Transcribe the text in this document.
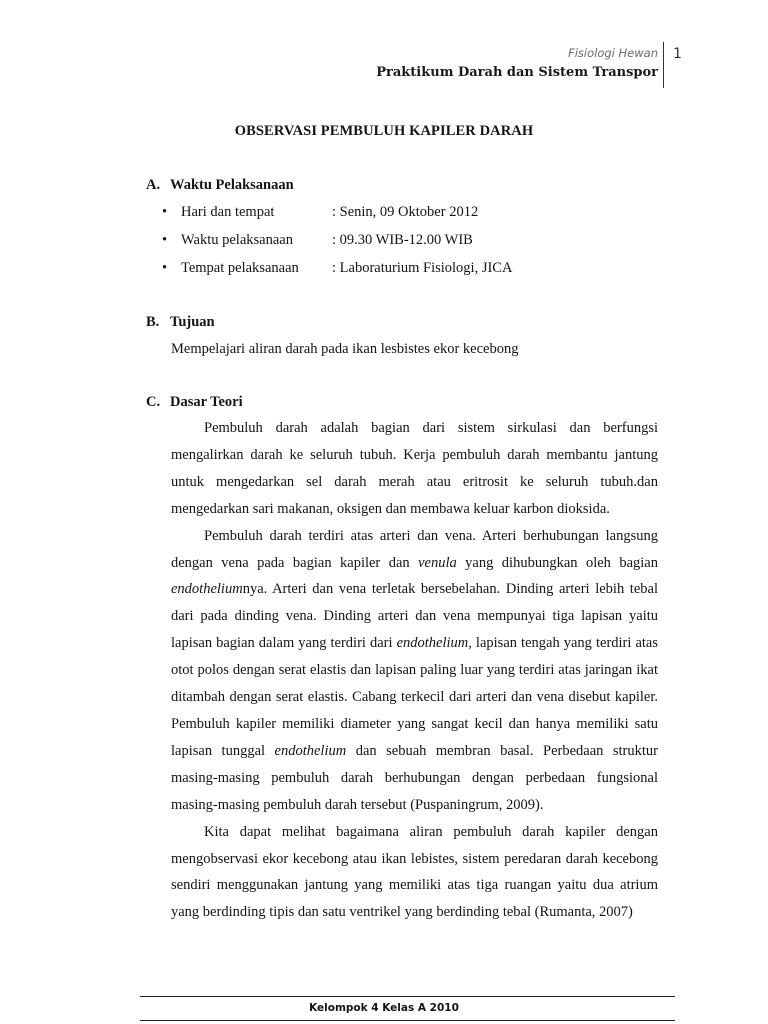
Fisiologi Hewan
Praktikum Darah dan Sistem Transpor
1
OBSERVASI PEMBULUH KAPILER DARAH
A. Waktu Pelaksanaan
• Hari dan tempat	: Senin, 09 Oktober 2012
• Waktu pelaksanaan	: 09.30 WIB-12.00 WIB
• Tempat pelaksanaan : Laboraturium Fisiologi, JICA
B. Tujuan
Mempelajari aliran darah pada ikan lesbistes ekor kecebong
C. Dasar Teori

Pembuluh darah adalah bagian dari sistem sirkulasi dan berfungsi mengalirkan darah ke seluruh tubuh. Kerja pembuluh darah membantu jantung untuk mengedarkan sel darah merah atau eritrosit ke seluruh tubuh.dan mengedarkan sari makanan, oksigen dan membawa keluar karbon dioksida.

Pembuluh darah terdiri atas arteri dan vena. Arteri berhubungan langsung dengan vena pada bagian kapiler dan venula yang dihubungkan oleh bagian endotheliumnya. Arteri dan vena terletak bersebelahan. Dinding arteri lebih tebal dari pada dinding vena. Dinding arteri dan vena mempunyai tiga lapisan yaitu lapisan bagian dalam yang terdiri dari endothelium, lapisan tengah yang terdiri atas otot polos dengan serat elastis dan lapisan paling luar yang terdiri atas jaringan ikat ditambah dengan serat elastis. Cabang terkecil dari arteri dan vena disebut kapiler. Pembuluh kapiler memiliki diameter yang sangat kecil dan hanya memiliki satu lapisan tunggal endothelium dan sebuah membran basal. Perbedaan struktur masing-masing pembuluh darah berhubungan dengan perbedaan fungsional masing-masing pembuluh darah tersebut (Puspaningrum, 2009).

Kita dapat melihat bagaimana aliran pembuluh darah kapiler dengan mengobservasi ekor kecebong atau ikan lebistes, sistem peredaran darah kecebong sendiri menggunakan jantung yang memiliki atas tiga ruangan yaitu dua atrium yang berdinding tipis dan satu ventrikel yang berdinding tebal (Rumanta, 2007)

Kelompok 4 Kelas A 2010
